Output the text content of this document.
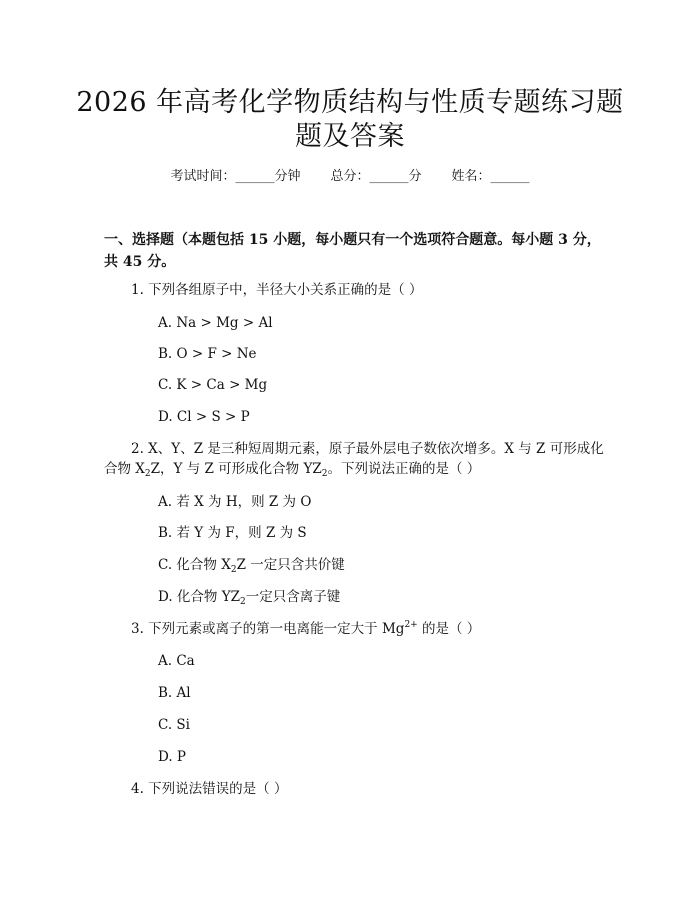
2026 年高考化学物质结构与性质专题练习题
题及答案
考试时间：______分钟 总分：______分 姓名：______

一、选择题（本题包括 15 小题，每小题只有一个选项符合题意。每小题 3 分，共 45 分。

1. 下列各组原子中，半径大小关系正确的是（ ）
A. Na > Mg > Al
B. O > F > Ne
C. K > Ca > Mg
D. Cl > S > P
2. X、Y、Z 是三种短周期元素，原子最外层电子数依次增多。X 与 Z 可形成化
合物 $X_2Z$，Y 与 Z 可形成化合物 $YZ_2$。下列说法正确的是（ ）
A. 若 X 为 H，则 Z 为 O
B. 若 Y 为 F，则 Z 为 S
C. 化合物 $X_2Z$ 一定只含共价键
D. 化合物 $YZ_2$一定只含离子键
3. 下列元素或离子的第一电离能一定大于 $Mg^{2+}$ 的是（ ）
A. Ca
B. Al
C. Si
D. P
4. 下列说法错误的是（ ）
